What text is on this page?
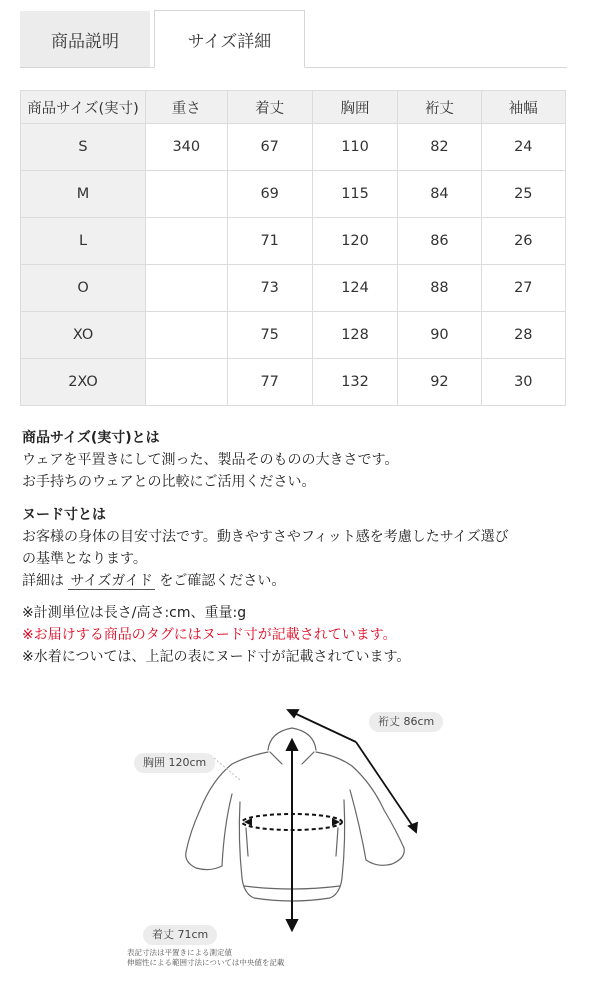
商品説明	サイズ詳細
商品サイズ(実寸)	重さ	着丈	胸囲	裄丈	袖幅
S	340	67	110	82	24
M		69	115	84	25
L		71	120	86	26
O		73	124	88	27
XO		75	128	90	28
2XO		77	132	92	30

商品サイズ(実寸)とは

ウェアを平置きにして測った、製品そのものの大きさです。

お手持ちのウェアとの比較にご活用ください。

ヌード寸とは

お客様の身体の目安寸法です。動きやすさやフィット感を考慮したサイズ選び

の基準となります。

詳細は サイズガイド をご確認ください。

※計測単位は長さ/高さ:cm、重量:g

※お届けする商品のタグにはヌード寸が記載されています。

※水着については、上記の表にヌード寸が記載されています。

裄丈 86cm
胸囲 120cm
着丈 71cm
表記寸法は平置きによる測定値
伸縮性による範囲寸法については中央値を記載
